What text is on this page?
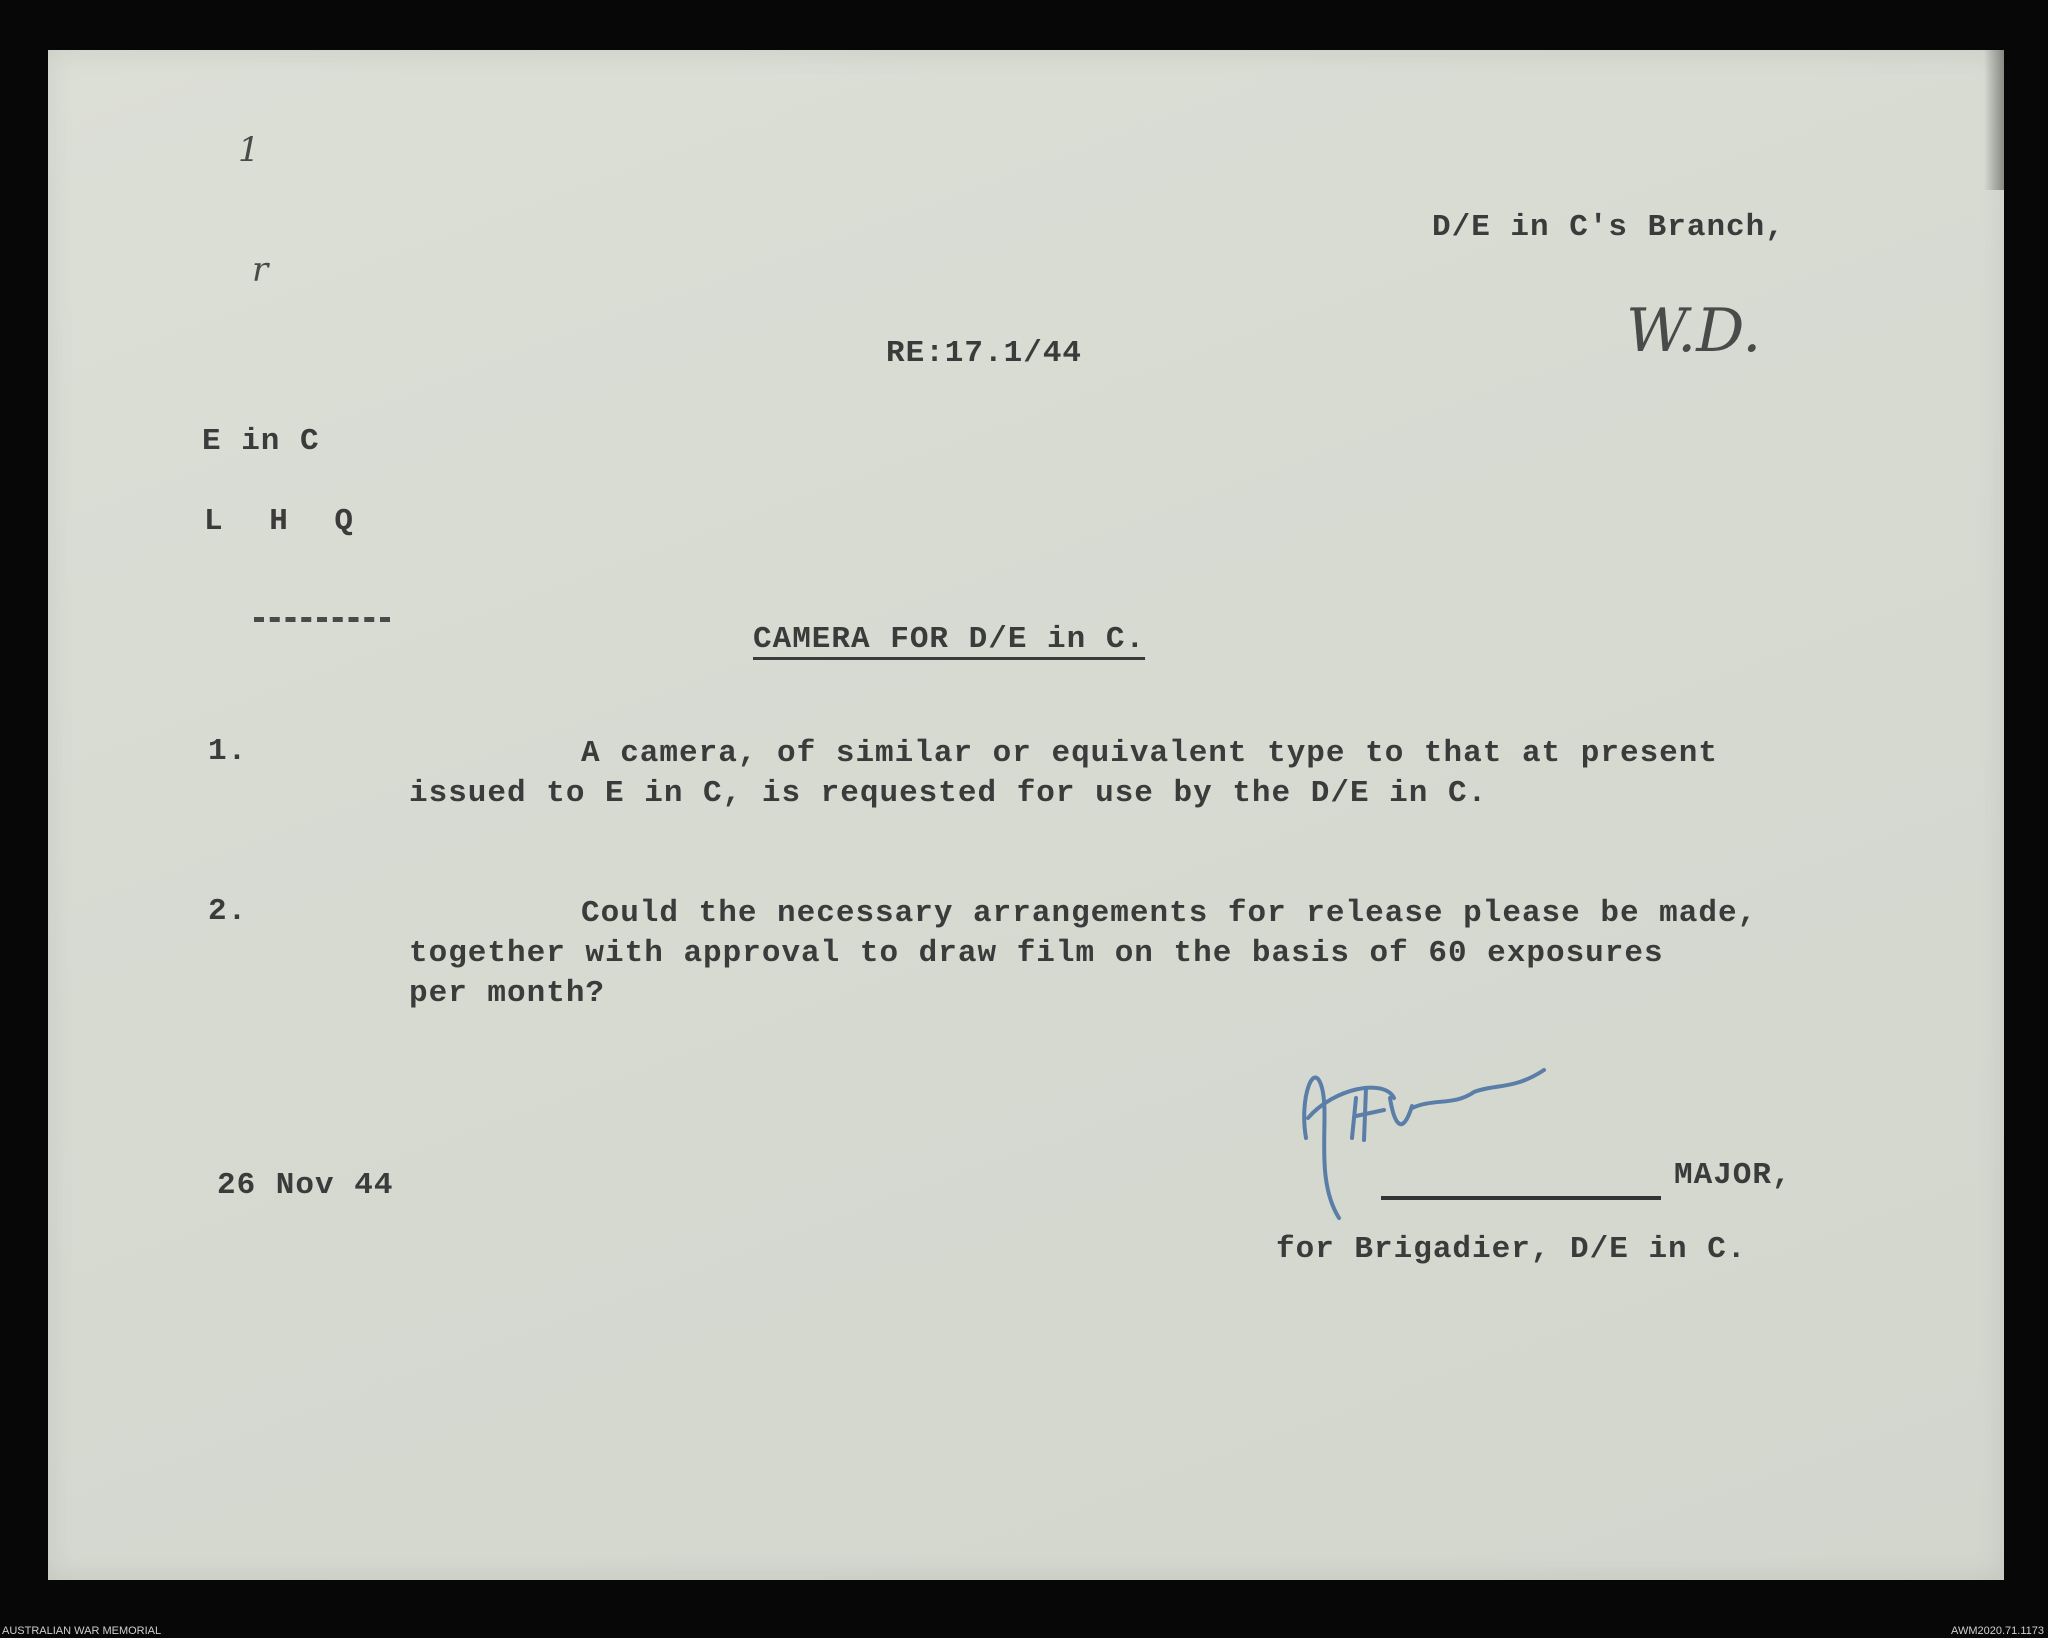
1
r
D/E in C's Branch,
W.D.
RE:17.1/44
E in C
L H Q
CAMERA FOR D/E in C.
1.	A camera, of similar or equivalent type to that at present
issued to E in C, is requested for use by the D/E in C.
2.	Could the necessary arrangements for release please be made,
together with approval to draw film on the basis of 60 exposures
per month?
26 Nov 44	MAJOR,
for Brigadier, D/E in C.
AUSTRALIAN WAR MEMORIAL	AWM2020.71.1173
